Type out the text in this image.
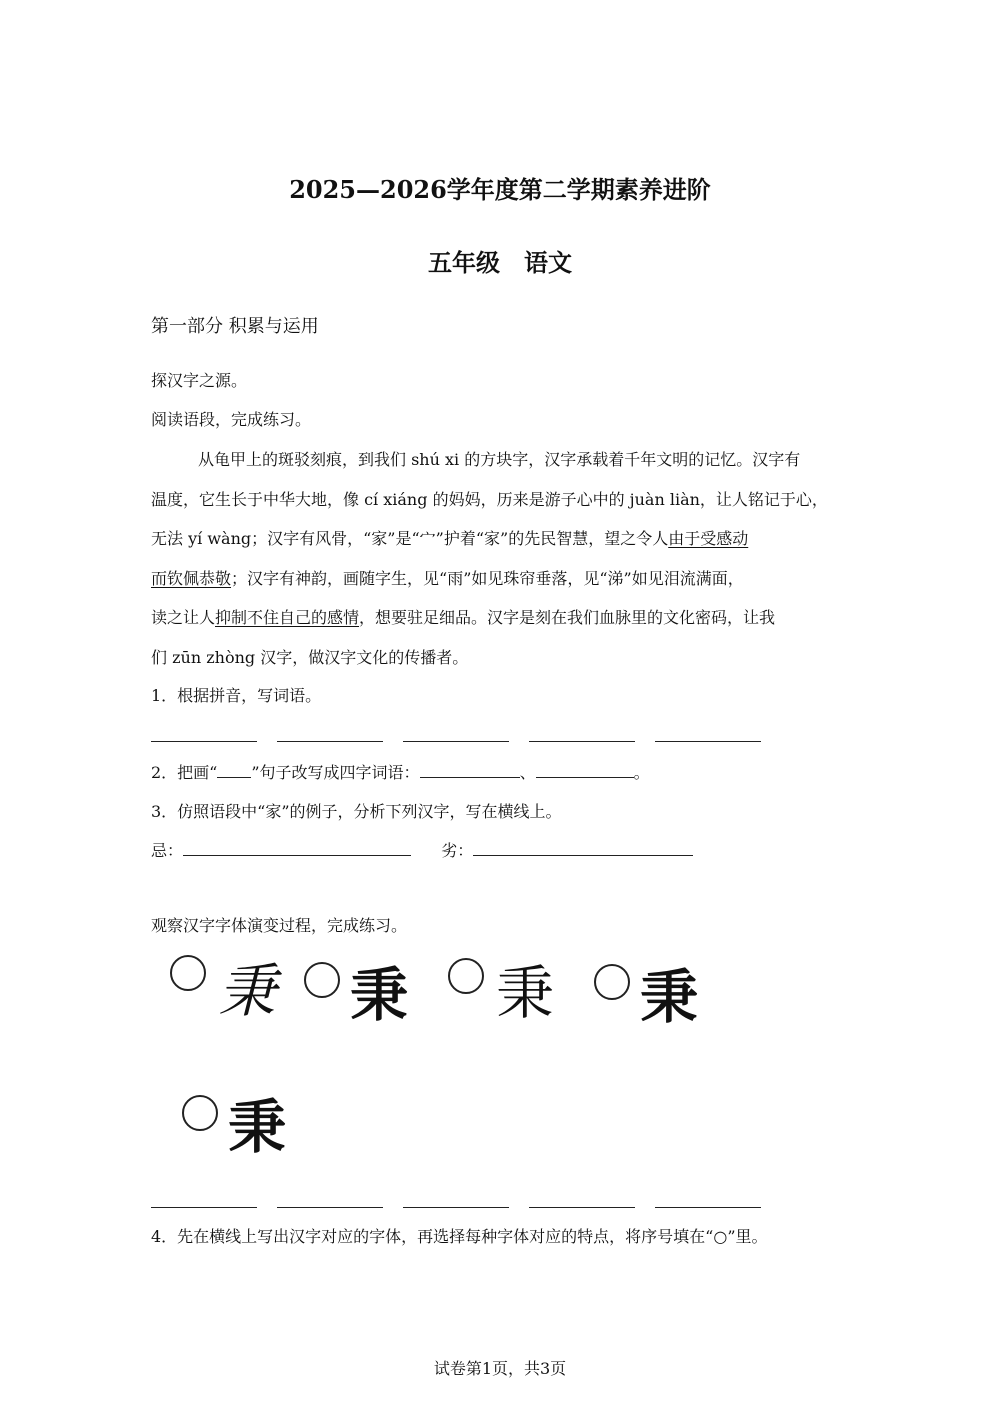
2025—2026学年度第二学期素养进阶
五年级　语文
第一部分 积累与运用
探汉字之源。
阅读语段，完成练习。

从龟甲上的斑驳刻痕，到我们 shú xi 的方块字，汉字承载着千年文明的记忆。汉字有

温度，它生长于中华大地，像 cí xiáng 的妈妈，历来是游子心中的 juàn liàn，让人铭记于心，

无法 yí wàng；汉字有风骨，“家”是“宀”护着“家”的先民智慧，望之令人由于受感动

而钦佩恭敬；汉字有神韵，画随字生，见“雨”如见珠帘垂落，见“涕”如见泪流满面，

读之让人抑制不住自己的感情，想要驻足细品。汉字是刻在我们血脉里的文化密码，让我

们 zūn zhòng 汉字，做汉字文化的传播者。

1．根据拼音，写词语。
2．把画“ ”句子改写成四字词语：	、	。
3．仿照语段中“家”的例子，分析下列汉字，写在横线上。
忌：	劣：
观察汉字字体演变过程，完成练习。
秉 秉 秉 秉
秉
4．先在横线上写出汉字对应的字体，再选择每种字体对应的特点，将序号填在“○”里。
试卷第1页，共3页
